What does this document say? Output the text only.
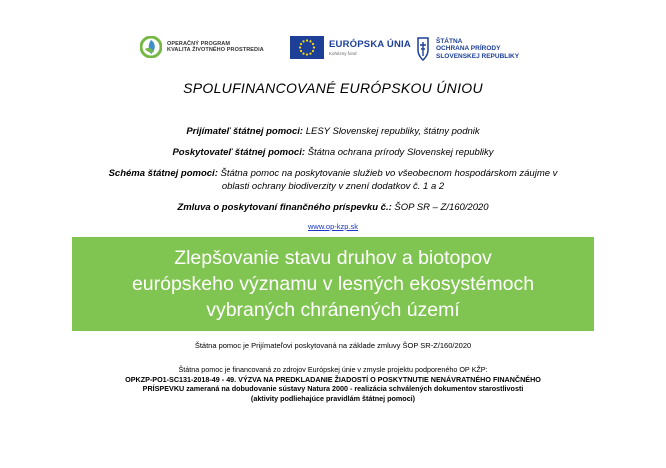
OPERAČNÝ PROGRAM
KVALITA ŽIVOTNÉHO PROSTREDIA	EURÓPSKA ÚNIA
Kohézny fond
ŠTÁTNA
OCHRANA PRÍRODY
SLOVENSKEJ REPUBLIKY
SPOLUFINANCOVANÉ EURÓPSKOU ÚNIOU
Prijímateľ štátnej pomoci: LESY Slovenskej republiky, štátny podnik
Poskytovateľ štátnej pomoci: Štátna ochrana prírody Slovenskej republiky
Schéma štátnej pomoci: Štátna pomoc na poskytovanie služieb vo všeobecnom hospodárskom záujme v
oblasti ochrany biodiverzity v znení dodatkov č. 1 a 2
Zmluva o poskytovaní finančného príspevku č.: ŠOP SR – Z/160/2020
www.op-kzp.sk
Zlepšovanie stavu druhov a biotopov
európskeho významu v lesných ekosystémoch
vybraných chránených území
Štátna pomoc je Prijímateľovi poskytovaná na základe zmluvy ŠOP SR-Z/160/2020
Štátna pomoc je financovaná zo zdrojov Európskej únie v zmysle projektu podporeného OP KŽP:
OPKZP-PO1-SC131-2018-49 - 49. VÝZVA NA PREDKLADANIE ŽIADOSTÍ O POSKYTNUTIE NENÁVRATNÉHO FINANČNÉHO
PRÍSPEVKU zameraná na dobudovanie sústavy Natura 2000 - realizácia schválených dokumentov starostlivosti
(aktivity podliehajúce pravidlám štátnej pomoci)
